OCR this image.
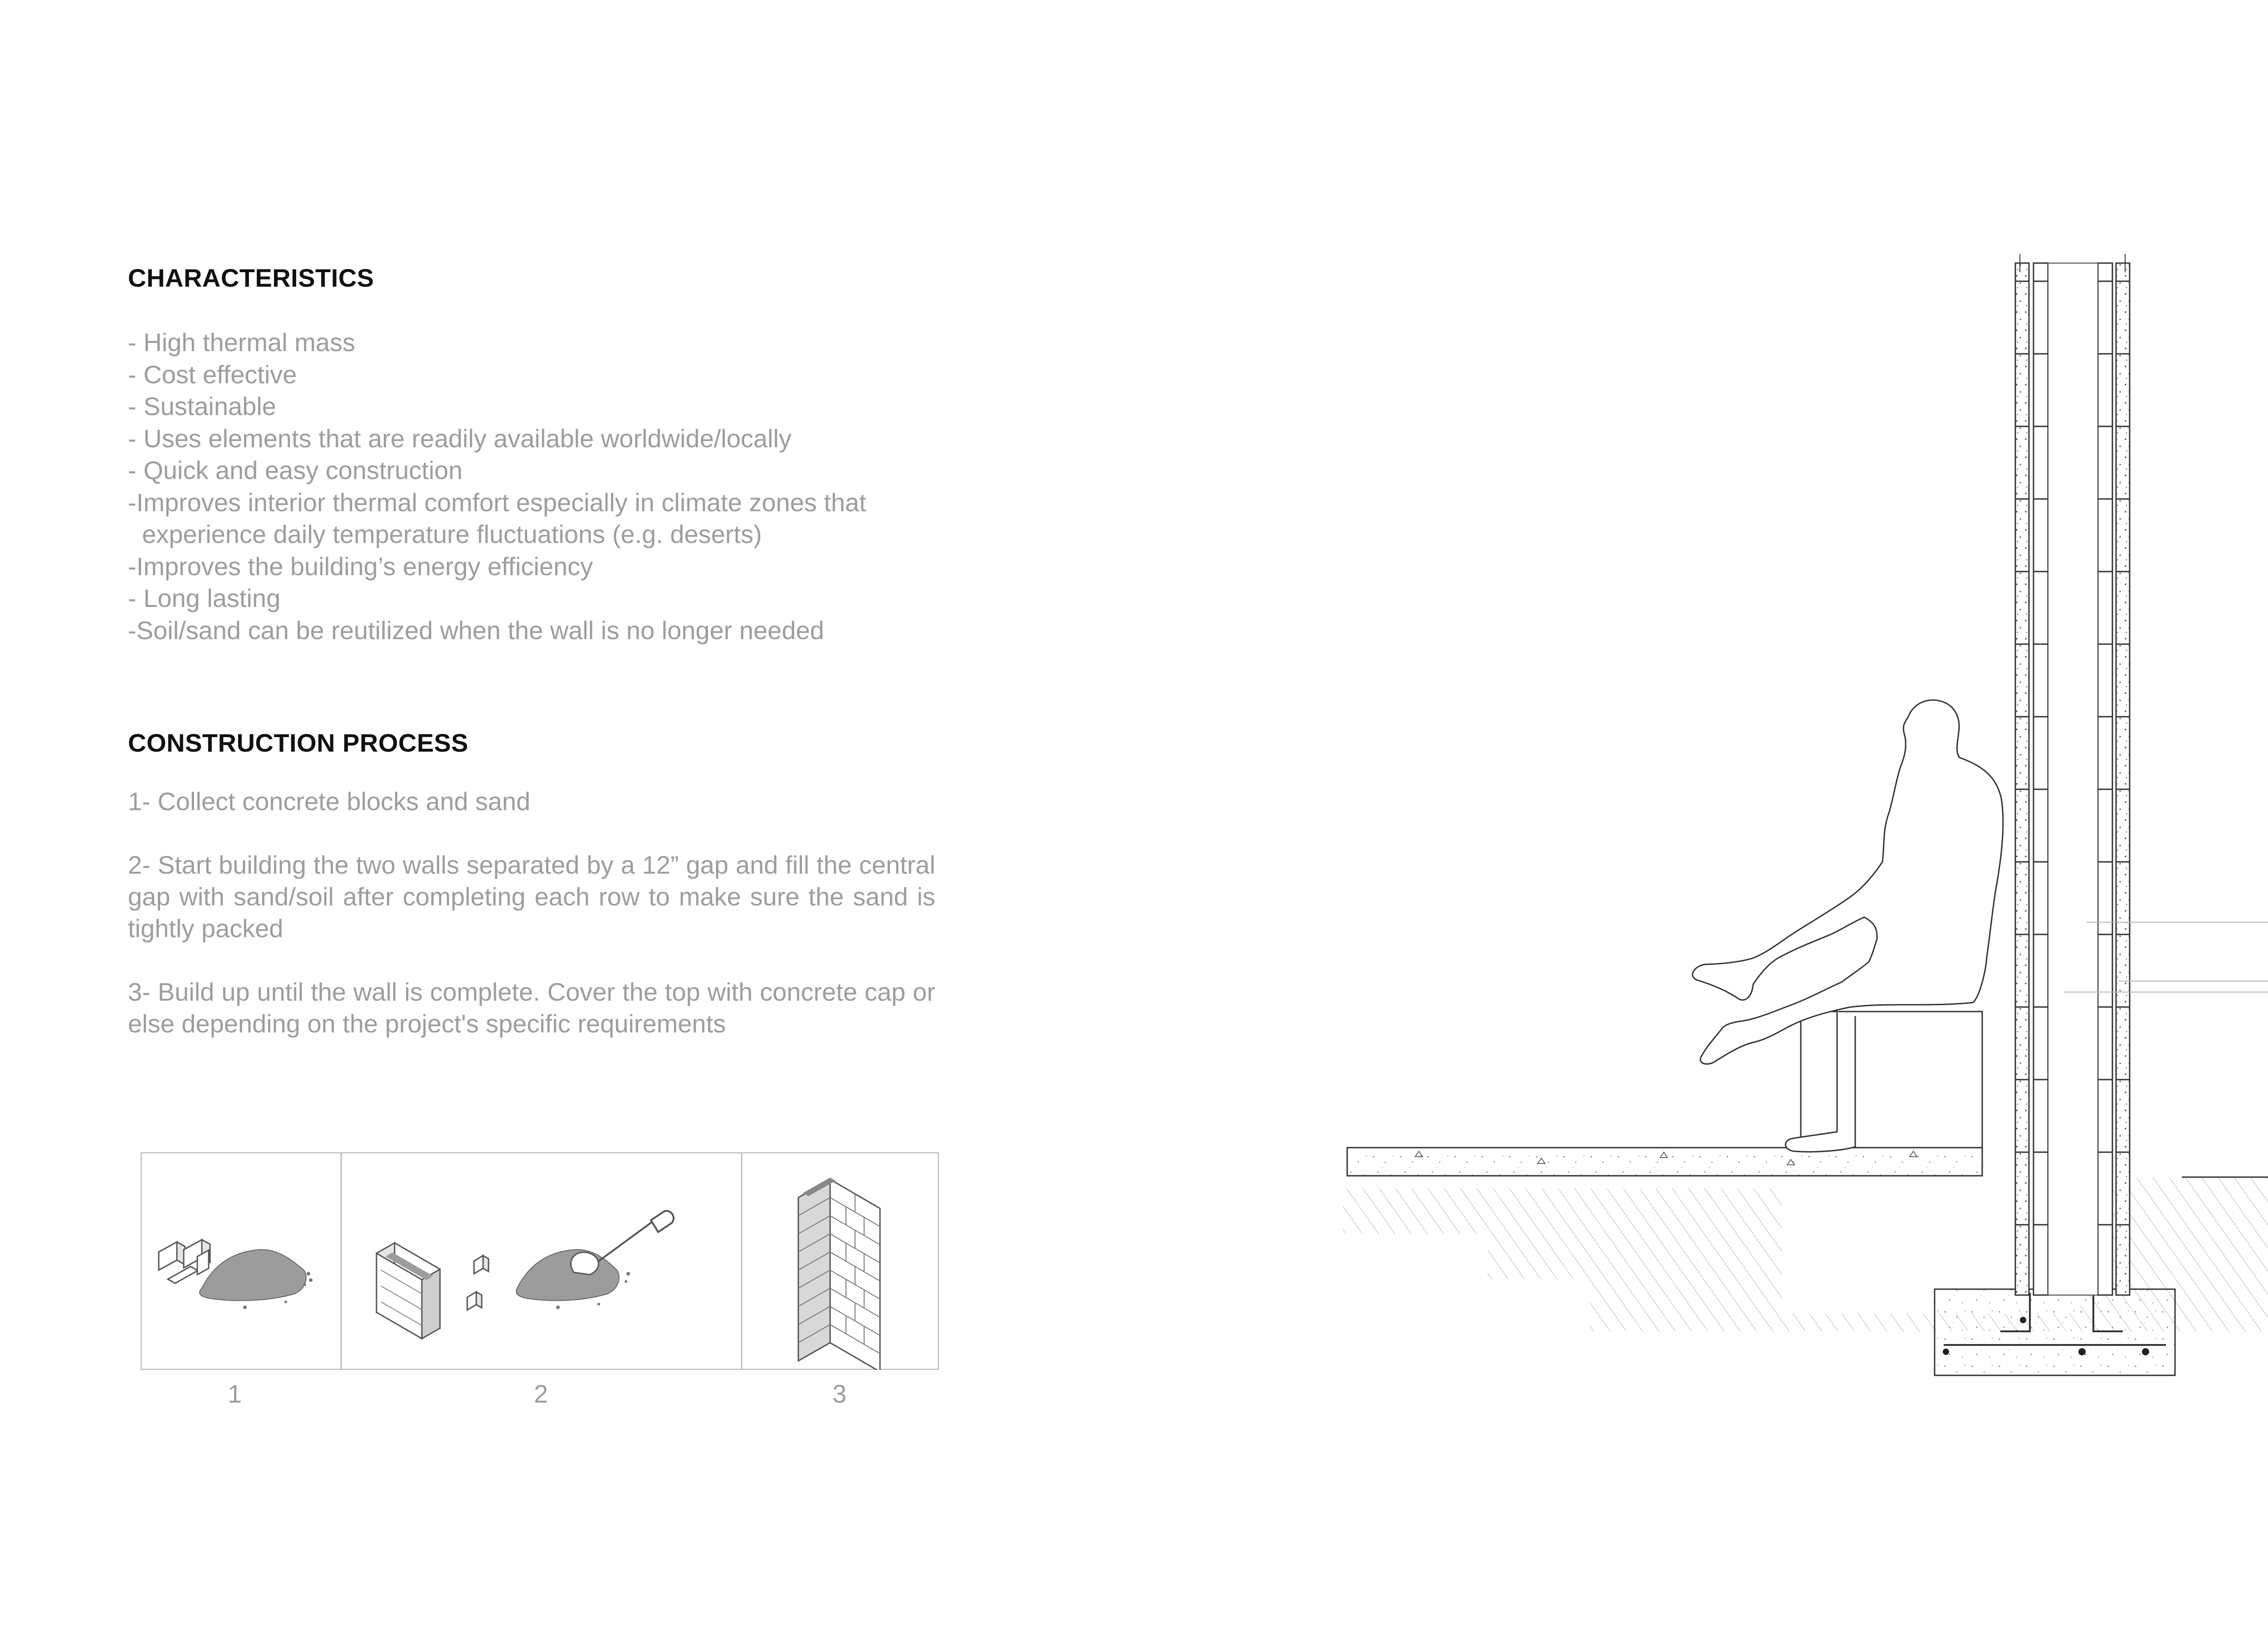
CHARACTERISTICS
- High thermal mass
- Cost effective
- Sustainable
- Uses elements that are readily available worldwide/locally
- Quick and easy construction
-Improves interior thermal comfort especially in climate zones that
experience daily temperature fluctuations (e.g. deserts)
-Improves the building’s energy efficiency
- Long lasting
-Soil/sand can be reutilized when the wall is no longer needed
CONSTRUCTION PROCESS

1- Collect concrete blocks and sand

2- Start building the two walls separated by a 12” gap and fill the central gap with sand/soil after completing each row to make sure the sand is tightly packed

3- Build up until the wall is complete. Cover the top with concrete cap or else depending on the project's specific requirements

1	2	3
